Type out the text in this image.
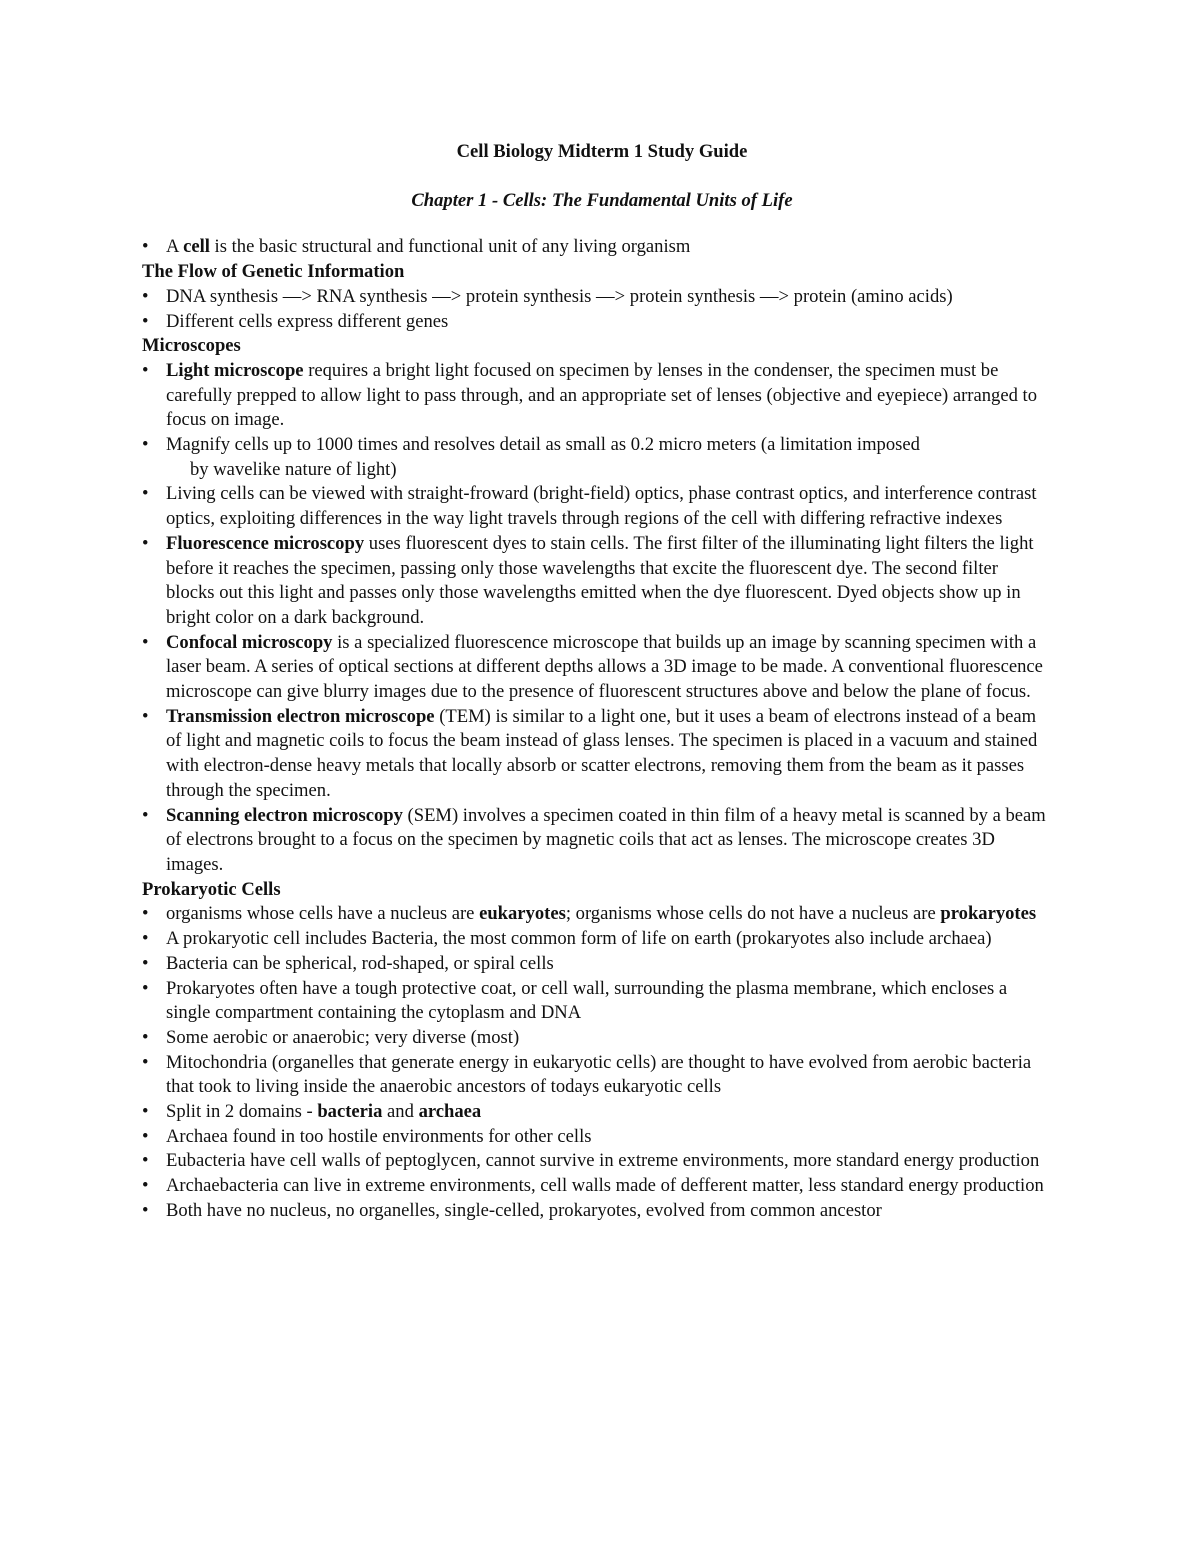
Cell Biology Midterm 1 Study Guide

Chapter 1 - Cells: The Fundamental Units of Life

• A cell is the basic structural and functional unit of any living organism

The Flow of Genetic Information

• DNA synthesis —> RNA synthesis —> protein synthesis —> protein synthesis —> protein (amino acids)
• Different cells express different genes

Microscopes

• Light microscope requires a bright light focused on specimen by lenses in the condenser, the specimen must be carefully prepped to allow light to pass through, and an appropriate set of lenses (objective and eyepiece) arranged to focus on image.
• Magnify cells up to 1000 times and resolves detail as small as 0.2 micro meters (a limitation imposed
by wavelike nature of light)
• Living cells can be viewed with straight-froward (bright-field) optics, phase contrast optics, and interference contrast optics, exploiting differences in the way light travels through regions of the cell with differing refractive indexes
• Fluorescence microscopy uses fluorescent dyes to stain cells. The first filter of the illuminating light filters the light before it reaches the specimen, passing only those wavelengths that excite the fluorescent dye. The second filter blocks out this light and passes only those wavelengths emitted when the dye fluorescent. Dyed objects show up in bright color on a dark background.
• Confocal microscopy is a specialized fluorescence microscope that builds up an image by scanning specimen with a laser beam. A series of optical sections at different depths allows a 3D image to be made. A conventional fluorescence microscope can give blurry images due to the presence of fluorescent structures above and below the plane of focus.
• Transmission electron microscope (TEM) is similar to a light one, but it uses a beam of electrons instead of a beam of light and magnetic coils to focus the beam instead of glass lenses. The specimen is placed in a vacuum and stained with electron-dense heavy metals that locally absorb or scatter electrons, removing them from the beam as it passes through the specimen.
• Scanning electron microscopy (SEM) involves a specimen coated in thin film of a heavy metal is scanned by a beam of electrons brought to a focus on the specimen by magnetic coils that act as lenses. The microscope creates 3D images.

Prokaryotic Cells

• organisms whose cells have a nucleus are eukaryotes; organisms whose cells do not have a nucleus are prokaryotes
• A prokaryotic cell includes Bacteria, the most common form of life on earth (prokaryotes also include archaea)
• Bacteria can be spherical, rod-shaped, or spiral cells
• Prokaryotes often have a tough protective coat, or cell wall, surrounding the plasma membrane, which encloses a single compartment containing the cytoplasm and DNA
• Some aerobic or anaerobic; very diverse (most)
• Mitochondria (organelles that generate energy in eukaryotic cells) are thought to have evolved from aerobic bacteria that took to living inside the anaerobic ancestors of todays eukaryotic cells
• Split in 2 domains - bacteria and archaea
• Archaea found in too hostile environments for other cells
• Eubacteria have cell walls of peptoglycen, cannot survive in extreme environments, more standard energy production
• Archaebacteria can live in extreme environments, cell walls made of defferent matter, less standard energy production
• Both have no nucleus, no organelles, single-celled, prokaryotes, evolved from common ancestor
